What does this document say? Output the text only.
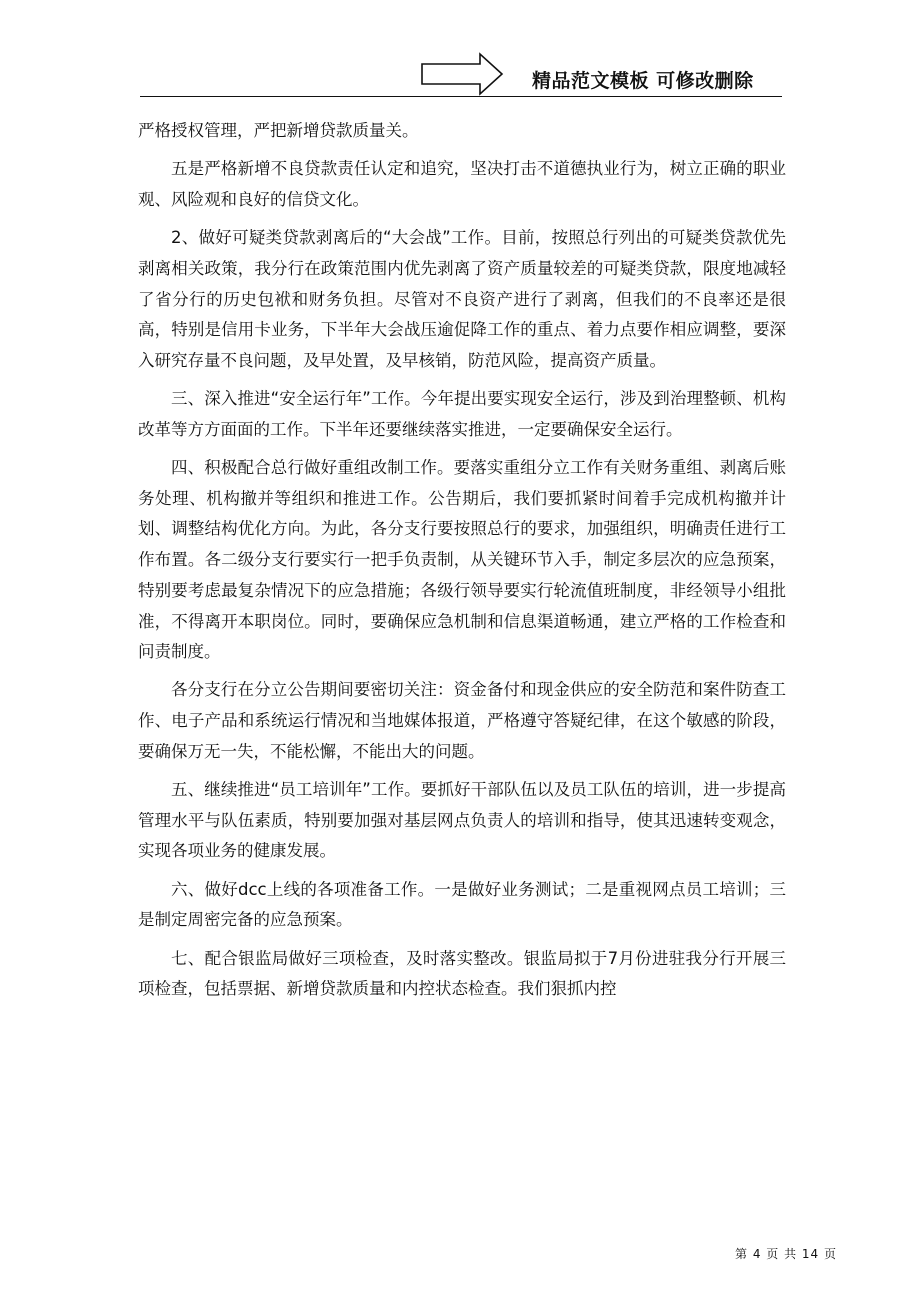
精品范文模板 可修改删除

严格授权管理，严把新增贷款质量关。

五是严格新增不良贷款责任认定和追究，坚决打击不道德执业行为，树立正确的职业观、风险观和良好的信贷文化。

2、做好可疑类贷款剥离后的“大会战”工作。目前，按照总行列出的可疑类贷款优先剥离相关政策，我分行在政策范围内优先剥离了资产质量较差的可疑类贷款，限度地减轻了省分行的历史包袱和财务负担。尽管对不良资产进行了剥离，但我们的不良率还是很高，特别是信用卡业务，下半年大会战压逾促降工作的重点、着力点要作相应调整，要深入研究存量不良问题，及早处置，及早核销，防范风险，提高资产质量。

三、深入推进“安全运行年”工作。今年提出要实现安全运行，涉及到治理整顿、机构改革等方方面面的工作。下半年还要继续落实推进，一定要确保安全运行。

四、积极配合总行做好重组改制工作。要落实重组分立工作有关财务重组、剥离后账务处理、机构撤并等组织和推进工作。公告期后，我们要抓紧时间着手完成机构撤并计划、调整结构优化方向。为此，各分支行要按照总行的要求，加强组织，明确责任进行工作布置。各二级分支行要实行一把手负责制，从关键环节入手，制定多层次的应急预案，特别要考虑最复杂情况下的应急措施；各级行领导要实行轮流值班制度，非经领导小组批准，不得离开本职岗位。同时，要确保应急机制和信息渠道畅通，建立严格的工作检查和问责制度。

各分支行在分立公告期间要密切关注：资金备付和现金供应的安全防范和案件防查工作、电子产品和系统运行情况和当地媒体报道，严格遵守答疑纪律，在这个敏感的阶段，要确保万无一失，不能松懈，不能出大的问题。

五、继续推进“员工培训年”工作。要抓好干部队伍以及员工队伍的培训，进一步提高管理水平与队伍素质，特别要加强对基层网点负责人的培训和指导，使其迅速转变观念，实现各项业务的健康发展。

六、做好dcc上线的各项准备工作。一是做好业务测试；二是重视网点员工培训；三是制定周密完备的应急预案。

七、配合银监局做好三项检查，及时落实整改。银监局拟于7月份进驻我分行开展三项检查，包括票据、新增贷款质量和内控状态检查。我们狠抓内控

第 4 页 共 14 页
